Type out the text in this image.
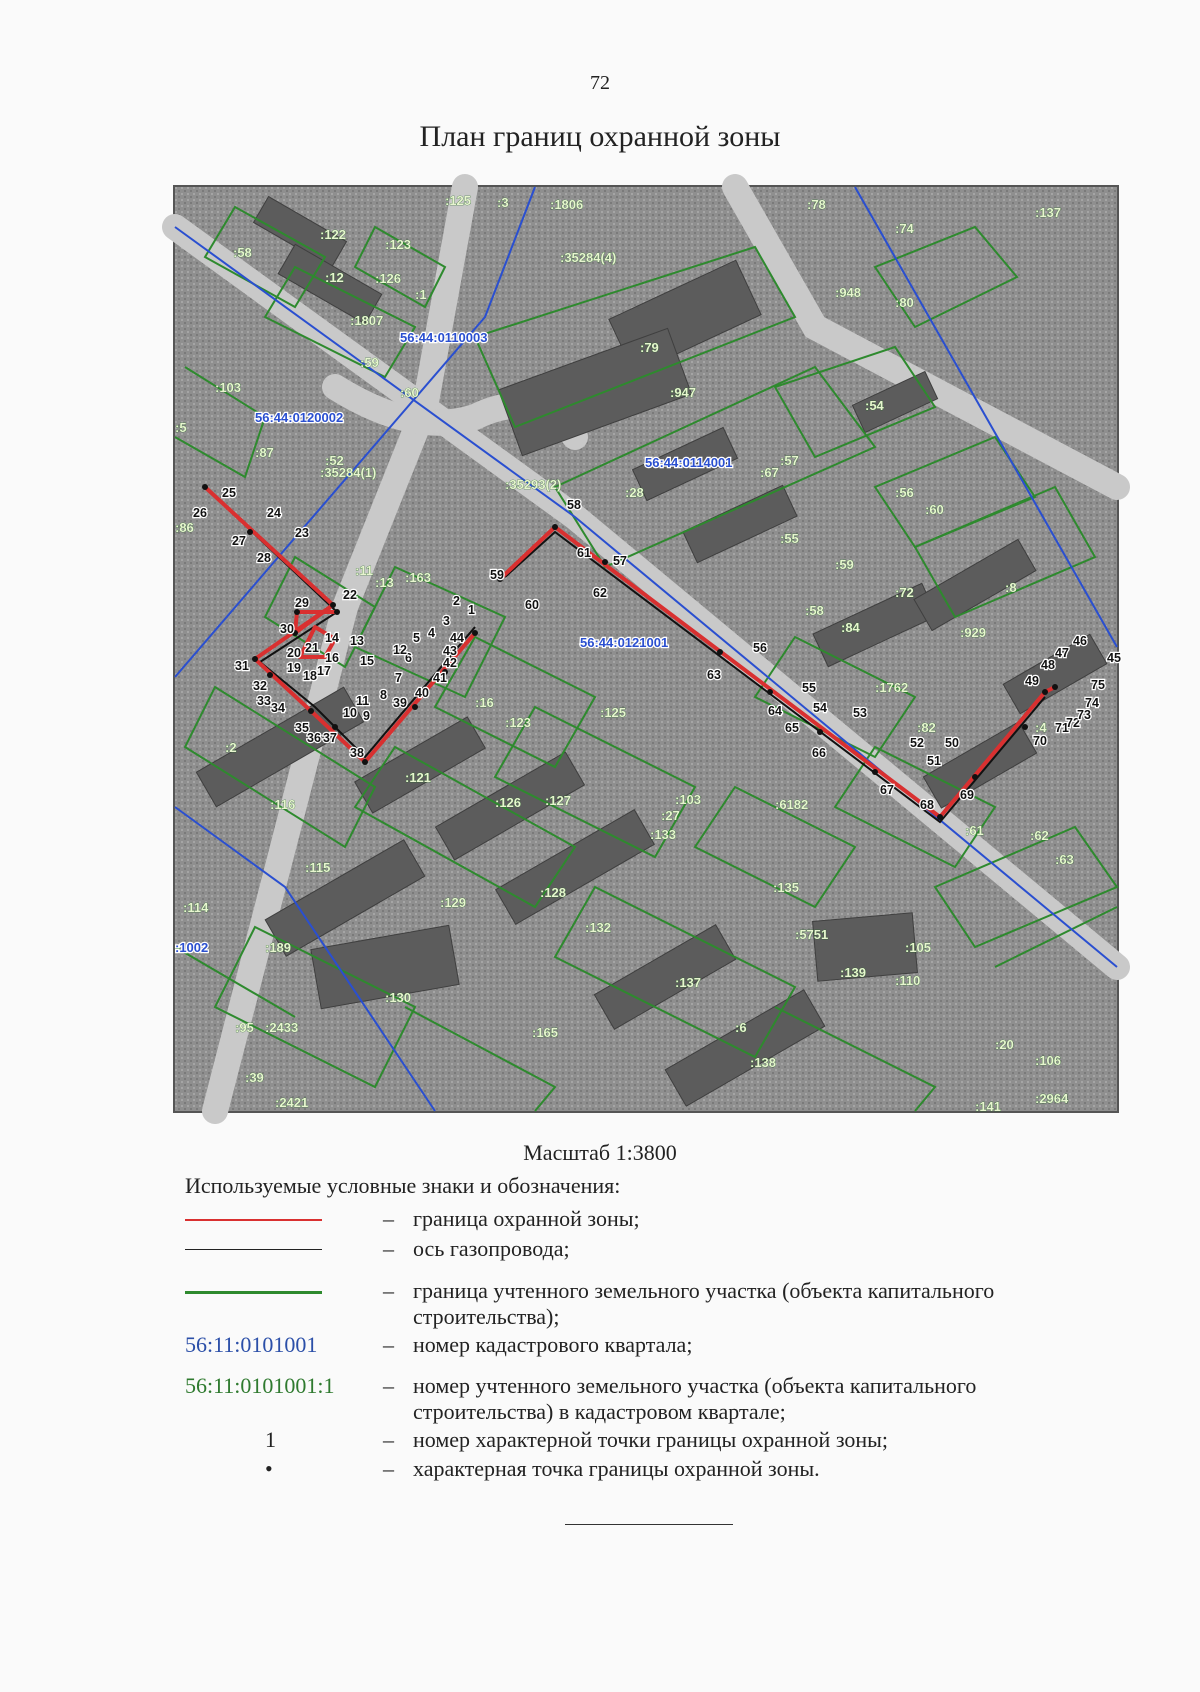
72
План границ охранной зоны
56:44:0110003
56:44:0120002
56:44:0114001
56:44:0121001
:1002
:125 :3	:1806	:78
:74
:137
:58
:122
:123
:12 :126
:1
:1807
:35284(4)
:948
:80
:59
:79
:103	:947
:60
:54
:5
:87
:52	:57
:35284(1)	:67
:35293(2)
:28	:56
:60
:86
:55
:59
:11 :163
:72
:13	:8
:58
:84	:929
:2
:16
:125
:1762
:82	:4
:123
:121
:116	:126 :127	:103	:6182
:27
:133	:61	:62
:115
:128
:63
:114	:129
:132
:135
:189
:5751
:105
:137
:139
:110
:130
:95 :2433	:165	:6
:20
:106
:39
:138
:2421	:141
:2964
1
2
3
4
5
6
7
8
9
10
11
12
13
14
15
16
17
18
19
20 21
22
23
24
25
26
27
28
29
30
31
32
33 34
35
36 37
38
39
40
41
42
43
44
45
46
47
48
49
50
51
52
53
54
55
56
57
58
59
60
61
62
63
64
65
66
67
68
69
70
71
72
73
74
75
Масштаб 1:3800
Используемые условные знаки и обозначения:
– граница охранной зоны;
– ось газопровода;
– граница учтенного земельного участка (объекта капитального строительства);
56:11:0101001	– номер кадастрового квартала;
56:11:0101001:1 – номер учтенного земельного участка (объекта капитального строительства) в кадастровом квартале;
1	– номер характерной точки границы охранной зоны;
•	– характерная точка границы охранной зоны.
